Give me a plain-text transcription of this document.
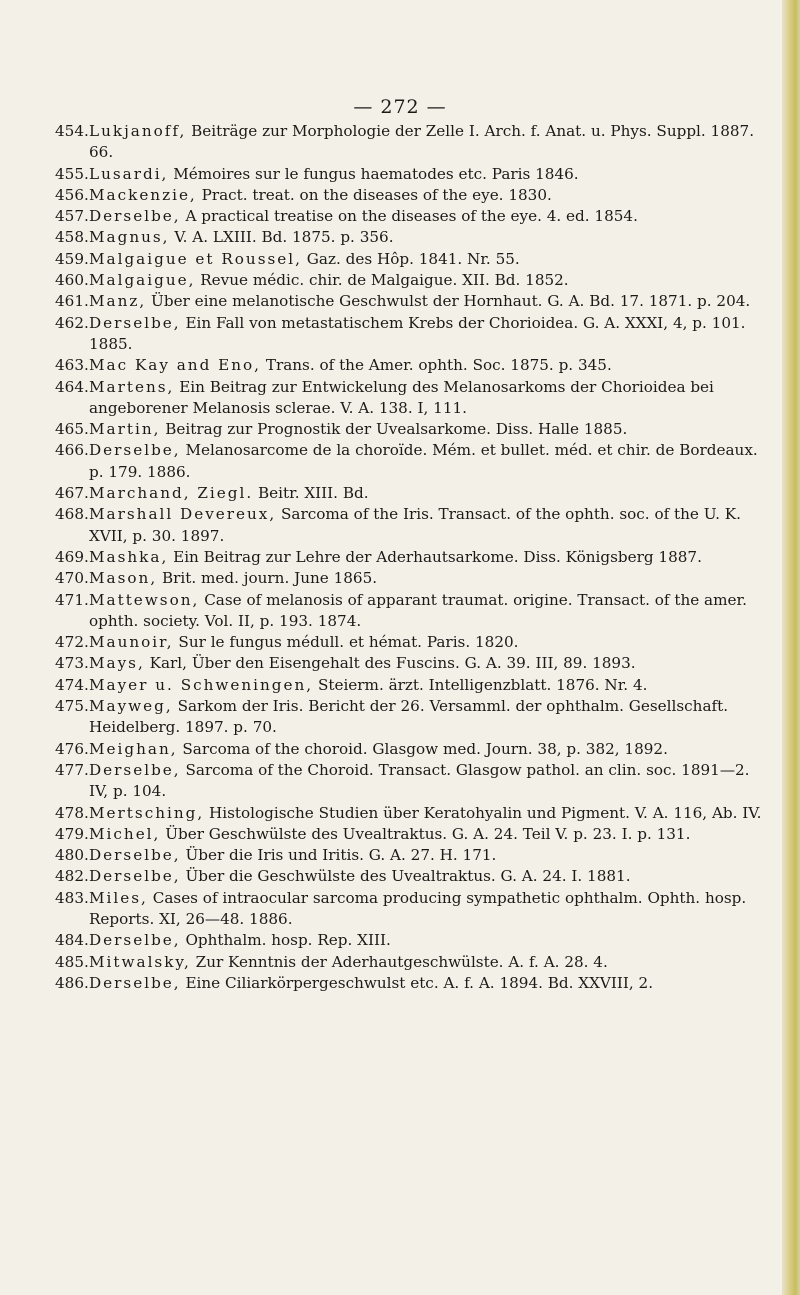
— 272 —
454. Lukjanoff, Beiträge zur Morphologie der Zelle I. Arch. f. Anat. u. Phys. Suppl. 1887. 66.
455. Lusardi, Mémoires sur le fungus haematodes etc. Paris 1846.
456. Mackenzie, Pract. treat. on the diseases of the eye. 1830.
457. Derselbe, A practical treatise on the diseases of the eye. 4. ed. 1854.
458. Magnus, V. A. LXIII. Bd. 1875. p. 356.
459. Malgaigue et Roussel, Gaz. des Hôp. 1841. Nr. 55.
460. Malgaigue, Revue médic. chir. de Malgaigue. XII. Bd. 1852.
461. Manz, Über eine melanotische Geschwulst der Hornhaut. G. A. Bd. 17. 1871. p. 204.
462. Derselbe, Ein Fall von metastatischem Krebs der Chorioidea. G. A. XXXI, 4, p. 101. 1885.
463. Mac Kay and Eno, Trans. of the Amer. ophth. Soc. 1875. p. 345.
464. Martens, Ein Beitrag zur Entwickelung des Melanosarkoms der Chorioidea bei angeborener Melanosis sclerae. V. A. 138. I, 111.
465. Martin, Beitrag zur Prognostik der Uvealsarkome. Diss. Halle 1885.
466. Derselbe, Melanosarcome de la choroïde. Mém. et bullet. méd. et chir. de Bordeaux. p. 179. 1886.
467. Marchand, Ziegl. Beitr. XIII. Bd.
468. Marshall Devereux, Sarcoma of the Iris. Transact. of the ophth. soc. of the U. K. XVII, p. 30. 1897.
469. Mashka, Ein Beitrag zur Lehre der Aderhautsarkome. Diss. Königsberg 1887.
470. Mason, Brit. med. journ. June 1865.
471. Mattewson, Case of melanosis of apparant traumat. origine. Transact. of the amer. ophth. society. Vol. II, p. 193. 1874.
472. Maunoir, Sur le fungus médull. et hémat. Paris. 1820.
473. Mays, Karl, Über den Eisengehalt des Fuscins. G. A. 39. III, 89. 1893.
474. Mayer u. Schweningen, Steierm. ärzt. Intelligenzblatt. 1876. Nr. 4.
475. Mayweg, Sarkom der Iris. Bericht der 26. Versamml. der ophthalm. Gesellschaft. Heidelberg. 1897. p. 70.
476. Meighan, Sarcoma of the choroid. Glasgow med. Journ. 38, p. 382, 1892.
477. Derselbe, Sarcoma of the Choroid. Transact. Glasgow pathol. an clin. soc. 1891—2. IV, p. 104.
478. Mertsching, Histologische Studien über Keratohyalin und Pigment. V. A. 116, Ab. IV.
479. Michel, Über Geschwülste des Uvealtraktus. G. A. 24. Teil V. p. 23. I. p. 131.
480. Derselbe, Über die Iris und Iritis. G. A. 27. H. 171.
482. Derselbe, Über die Geschwülste des Uvealtraktus. G. A. 24. I. 1881.
483. Miles, Cases of intraocular sarcoma producing sympathetic ophthalm. Ophth. hosp. Reports. XI, 26—48. 1886.
484. Derselbe, Ophthalm. hosp. Rep. XIII.
485. Mitwalsky, Zur Kenntnis der Aderhautgeschwülste. A. f. A. 28. 4.
486. Derselbe, Eine Ciliarkörpergeschwulst etc. A. f. A. 1894. Bd. XXVIII, 2.
